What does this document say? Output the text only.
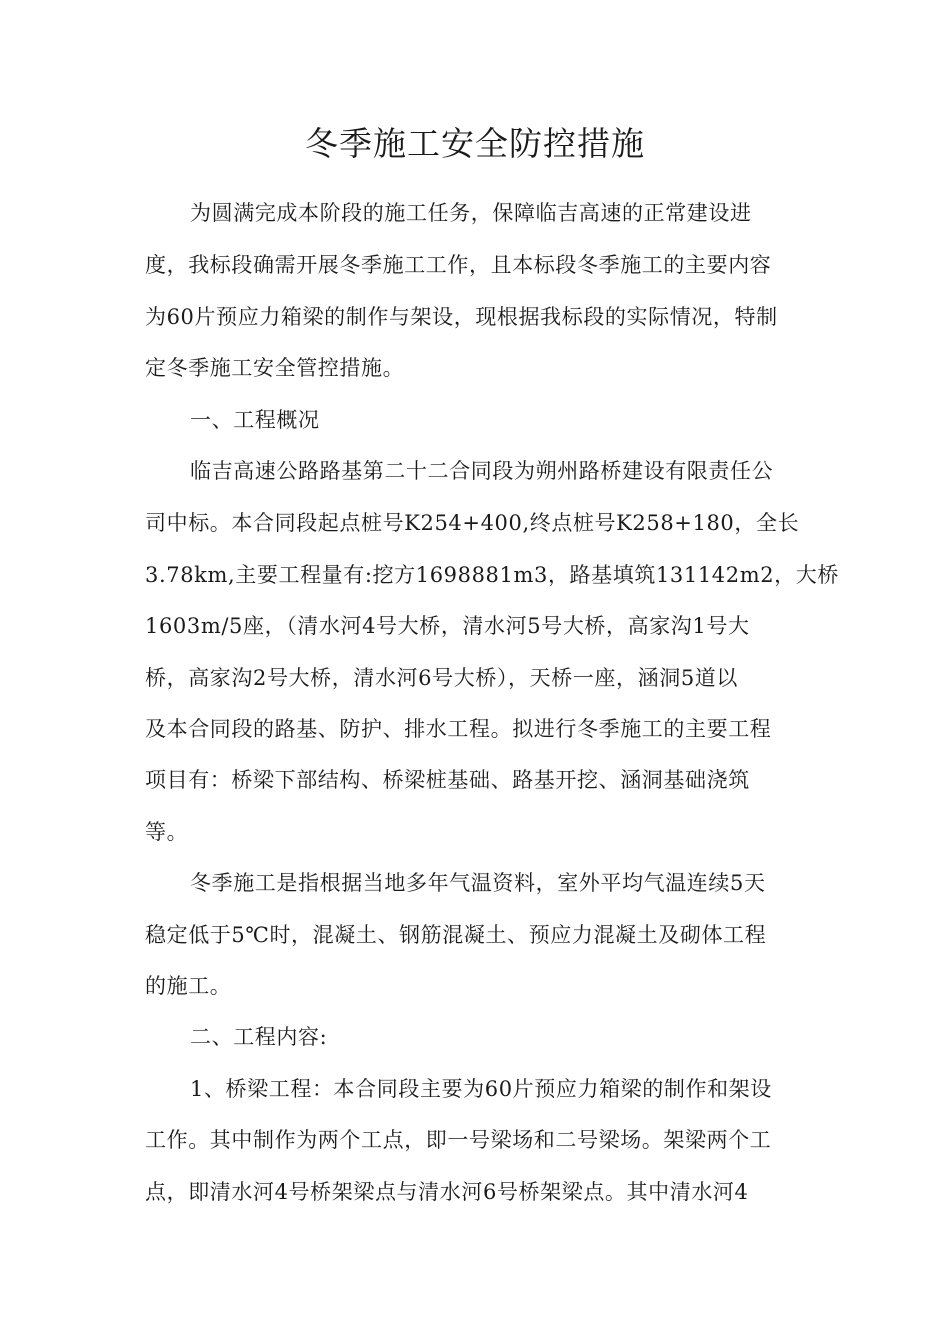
冬季施工安全防控措施
为圆满完成本阶段的施工任务，保障临吉高速的正常建设进
度，我标段确需开展冬季施工工作，且本标段冬季施工的主要内容
为60片预应力箱梁的制作与架设，现根据我标段的实际情况，特制
定冬季施工安全管控措施。
一、工程概况
临吉高速公路路基第二十二合同段为朔州路桥建设有限责任公
司中标。本合同段起点桩号K254+400,终点桩号K258+180，全长
3.78km,主要工程量有:挖方1698881m3，路基填筑131142m2，大桥
1603m/5座，（清水河4号大桥，清水河5号大桥，高家沟1号大
桥，高家沟2号大桥，清水河6号大桥），天桥一座，涵洞5道以
及本合同段的路基、防护、排水工程。拟进行冬季施工的主要工程
项目有：桥梁下部结构、桥梁桩基础、路基开挖、涵洞基础浇筑
等。
冬季施工是指根据当地多年气温资料，室外平均气温连续5天
稳定低于5℃时，混凝土、钢筋混凝土、预应力混凝土及砌体工程
的施工。
二、工程内容:
1、桥梁工程：本合同段主要为60片预应力箱梁的制作和架设
工作。其中制作为两个工点，即一号梁场和二号梁场。架梁两个工
点，即清水河4号桥架梁点与清水河6号桥架梁点。其中清水河4
